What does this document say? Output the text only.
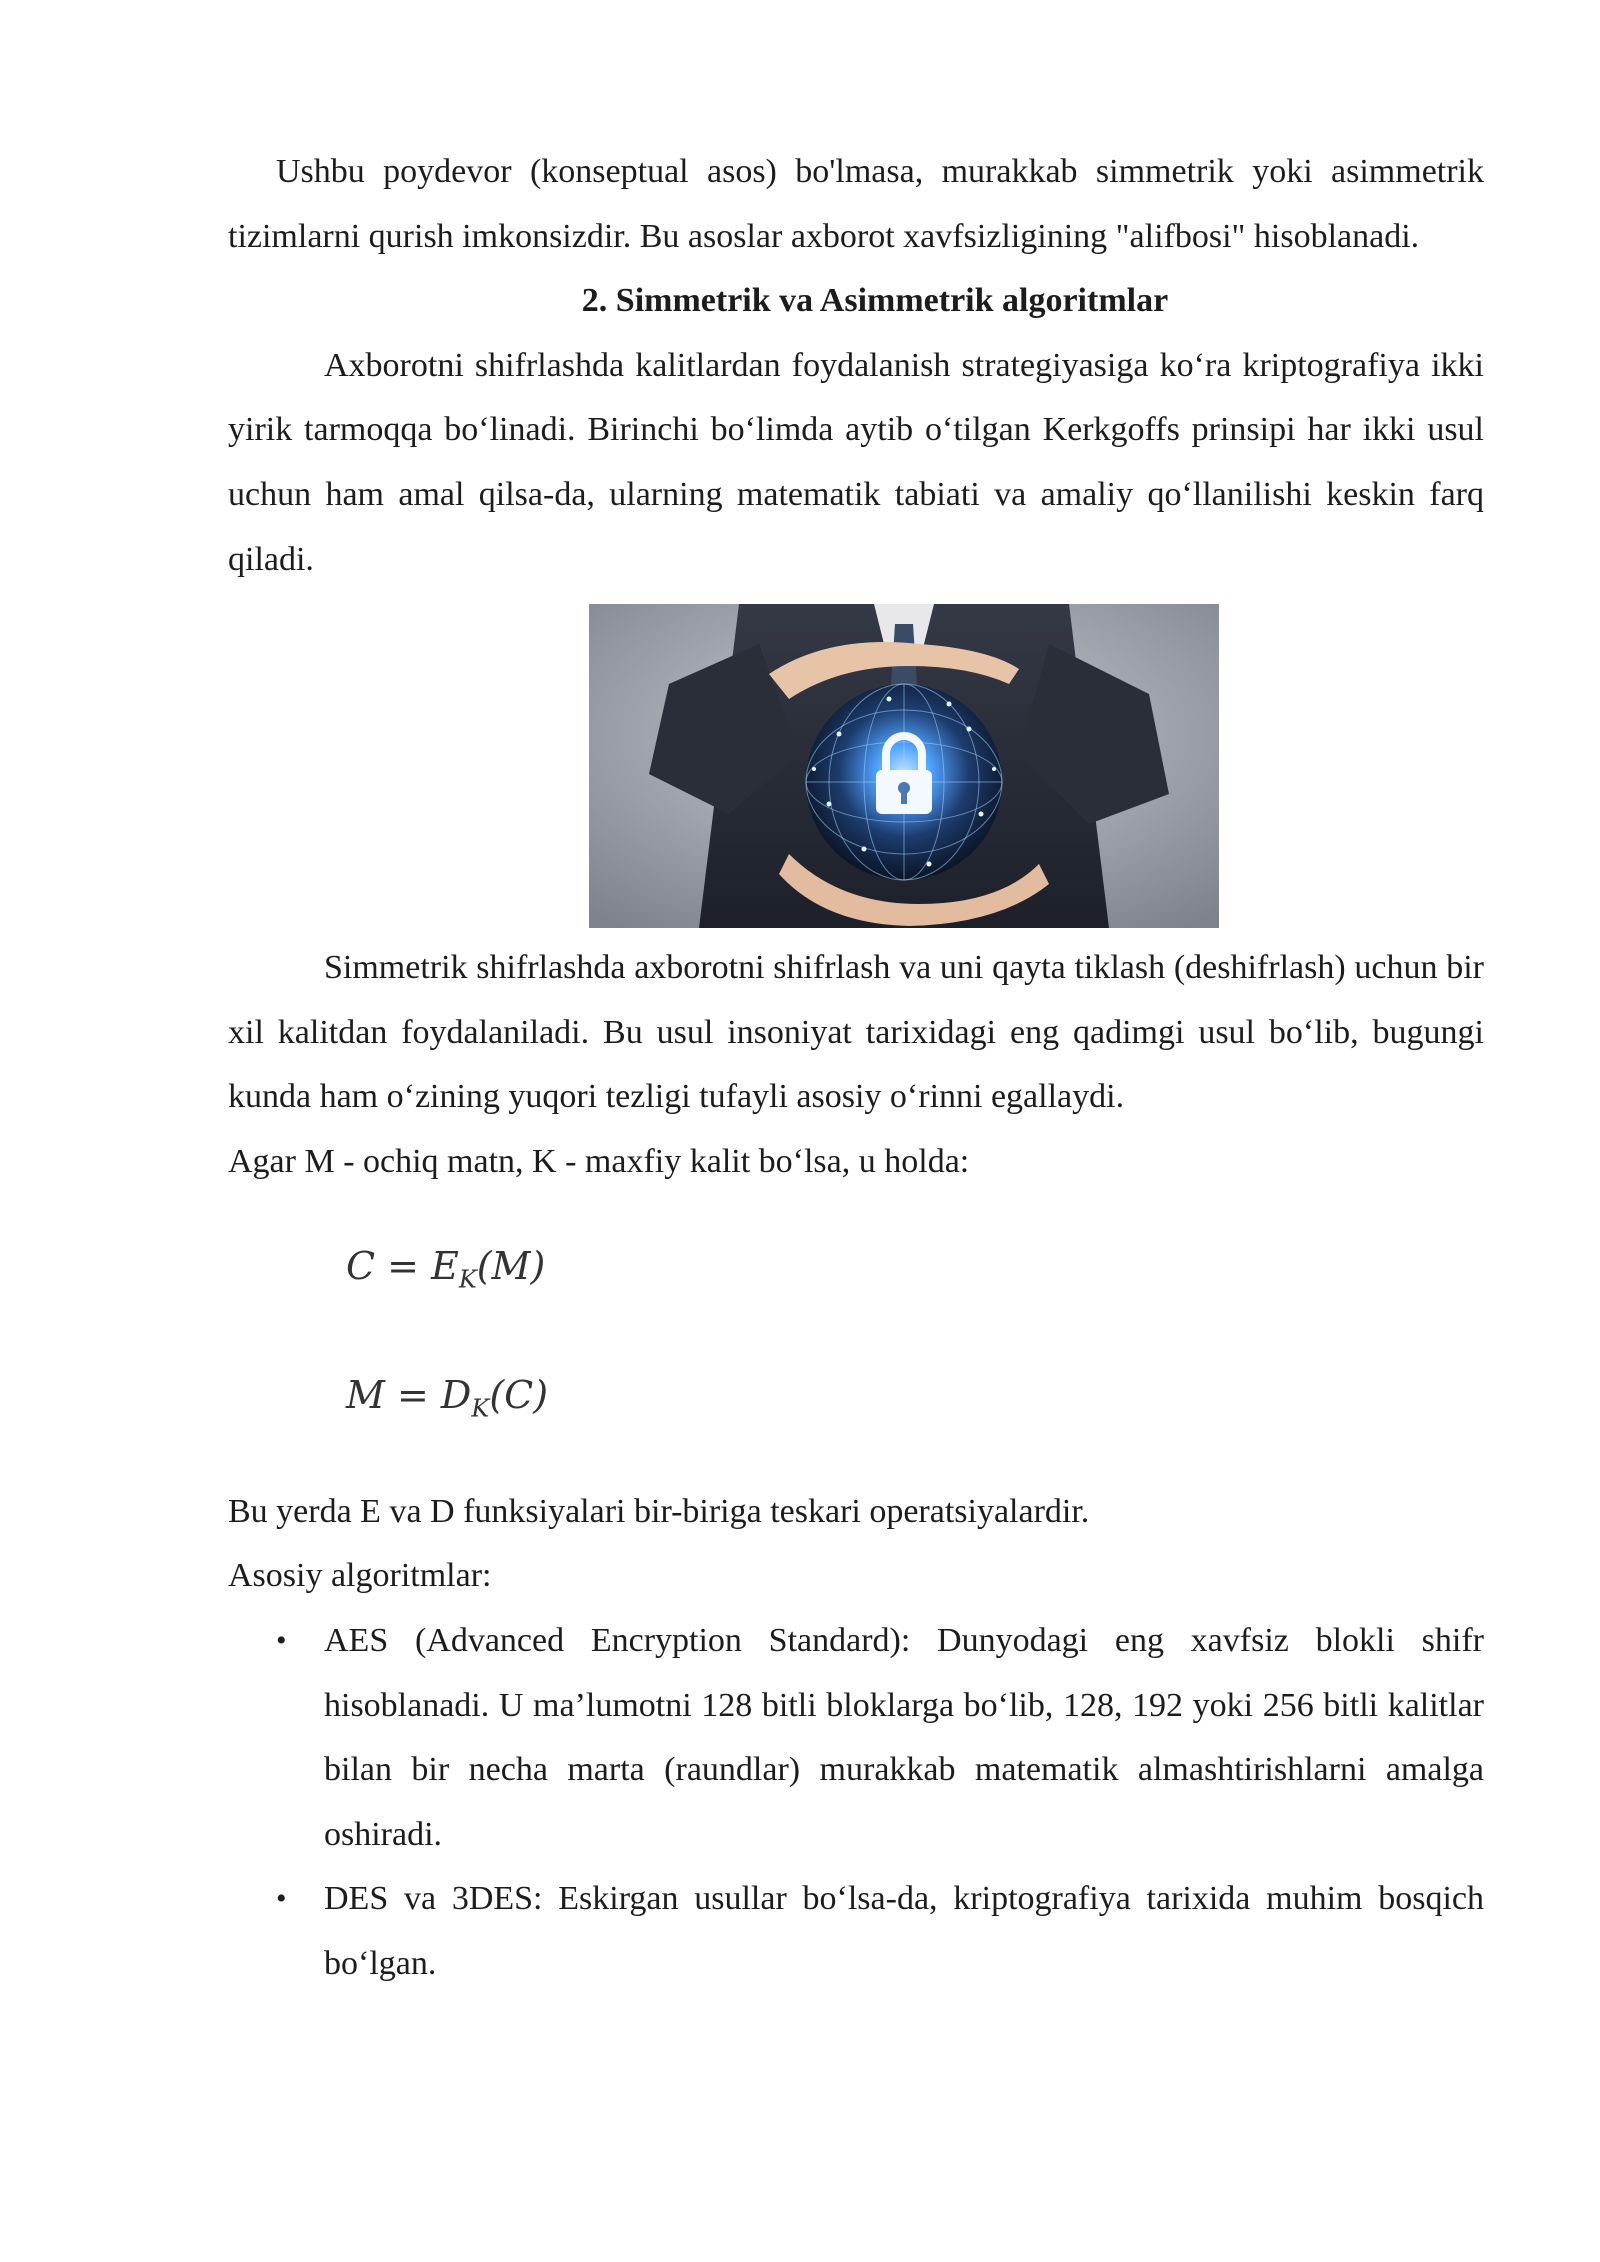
Ushbu poydevor (konseptual asos) bo'lmasa, murakkab simmetrik yoki asimmetrik tizimlarni qurish imkonsizdir. Bu asoslar axborot xavfsizligining "alifbosi" hisoblanadi.

2. Simmetrik va Asimmetrik algoritmlar

Axborotni shifrlashda kalitlardan foydalanish strategiyasiga ko‘ra kriptografiya ikki yirik tarmoqqa bo‘linadi. Birinchi bo‘limda aytib o‘tilgan Kerkgoffs prinsipi har ikki usul uchun ham amal qilsa-da, ularning matematik tabiati va amaliy qo‘llanilishi keskin farq qiladi.

Simmetrik shifrlashda axborotni shifrlash va uni qayta tiklash (deshifrlash) uchun bir xil kalitdan foydalaniladi. Bu usul insoniyat tarixidagi eng qadimgi usul bo‘lib, bugungi kunda ham o‘zining yuqori tezligi tufayli asosiy o‘rinni egallaydi.

Agar M - ochiq matn, K - maxfiy kalit bo‘lsa, u holda:

$C = E_K(M)$
$M = D_K(C)$

Bu yerda E va D funksiyalari bir-biriga teskari operatsiyalardir.

Asosiy algoritmlar:

• AES (Advanced Encryption Standard): Dunyodagi eng xavfsiz blokli shifr hisoblanadi. U ma’lumotni 128 bitli bloklarga bo‘lib, 128, 192 yoki 256 bitli kalitlar bilan bir necha marta (raundlar) murakkab matematik almashtirishlarni amalga oshiradi.
• DES va 3DES: Eskirgan usullar bo‘lsa-da, kriptografiya tarixida muhim bosqich bo‘lgan.
